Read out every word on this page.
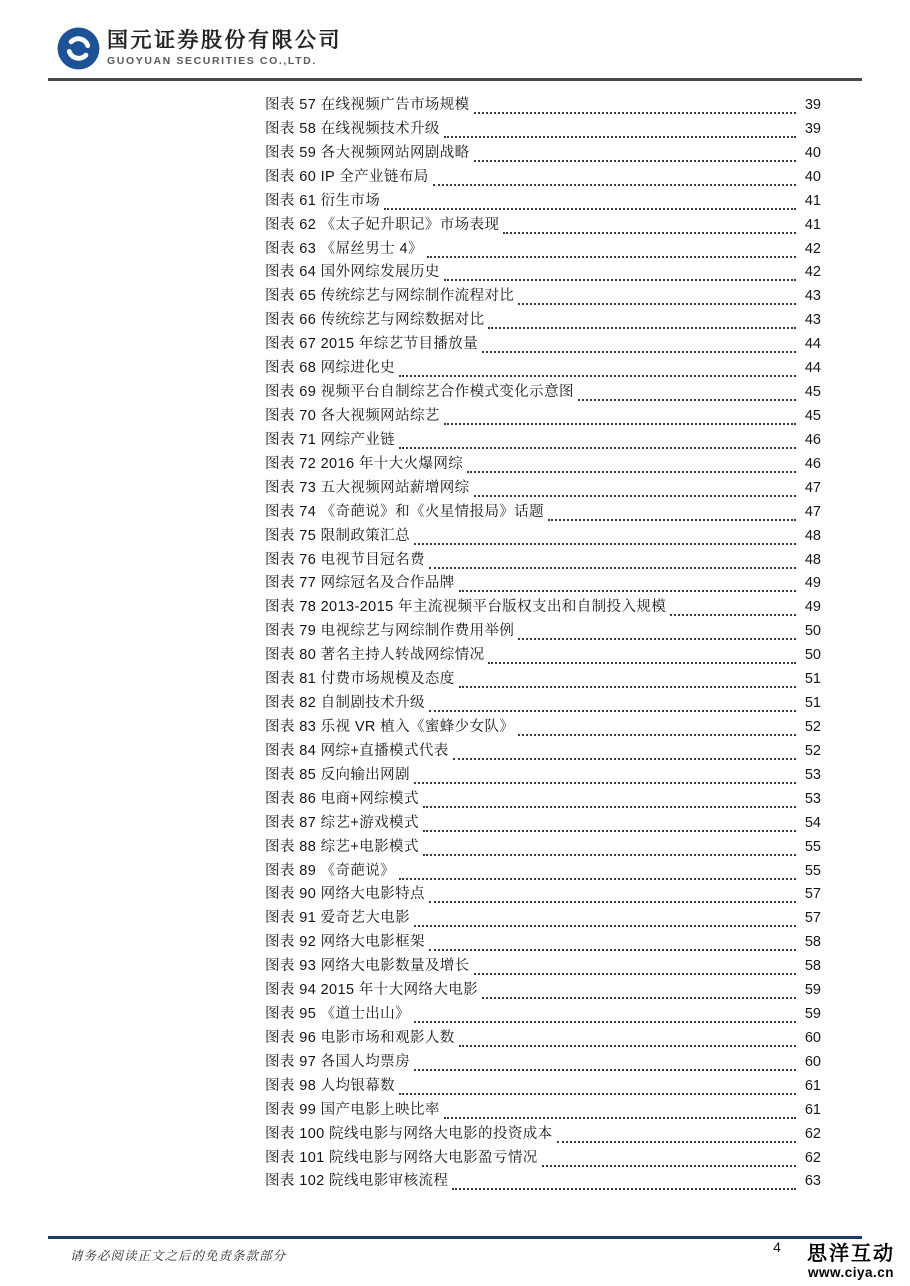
国元证券股份有限公司
GUOYUAN SECURITIES CO.,LTD.
图表 57 在线视频广告市场规模	39
图表 58 在线视频技术升级	39
图表 59 各大视频网站网剧战略	40
图表 60 IP 全产业链布局	40
图表 61 衍生市场	41
图表 62 《太子妃升职记》市场表现	41
图表 63 《屌丝男士 4》	42
图表 64 国外网综发展历史	42
图表 65 传统综艺与网综制作流程对比	43
图表 66 传统综艺与网综数据对比	43
图表 67 2015 年综艺节目播放量	44
图表 68 网综进化史	44
图表 69 视频平台自制综艺合作模式变化示意图	45
图表 70 各大视频网站综艺	45
图表 71 网综产业链	46
图表 72 2016 年十大火爆网综	46
图表 73 五大视频网站薪增网综	47
图表 74 《奇葩说》和《火星情报局》话题	47
图表 75 限制政策汇总	48
图表 76 电视节目冠名费	48
图表 77 网综冠名及合作品牌	49
图表 78 2013-2015 年主流视频平台版权支出和自制投入规模	49
图表 79 电视综艺与网综制作费用举例	50
图表 80 著名主持人转战网综情况	50
图表 81 付费市场规模及态度	51
图表 82 自制剧技术升级	51
图表 83 乐视 VR 植入《蜜蜂少女队》	52
图表 84 网综+直播模式代表	52
图表 85 反向输出网剧	53
图表 86 电商+网综模式	53
图表 87 综艺+游戏模式	54
图表 88 综艺+电影模式	55
图表 89 《奇葩说》	55
图表 90 网络大电影特点	57
图表 91 爱奇艺大电影	57
图表 92 网络大电影框架	58
图表 93 网络大电影数量及增长	58
图表 94 2015 年十大网络大电影	59
图表 95 《道士出山》	59
图表 96 电影市场和观影人数	60
图表 97 各国人均票房	60
图表 98 人均银幕数	61
图表 99 国产电影上映比率	61
图表 100 院线电影与网络大电影的投资成本	62
图表 101 院线电影与网络大电影盈亏情况	62
图表 102 院线电影审核流程	63
请务必阅读正文之后的免责条款部分
4	思洋互动
www.ciya.cn
